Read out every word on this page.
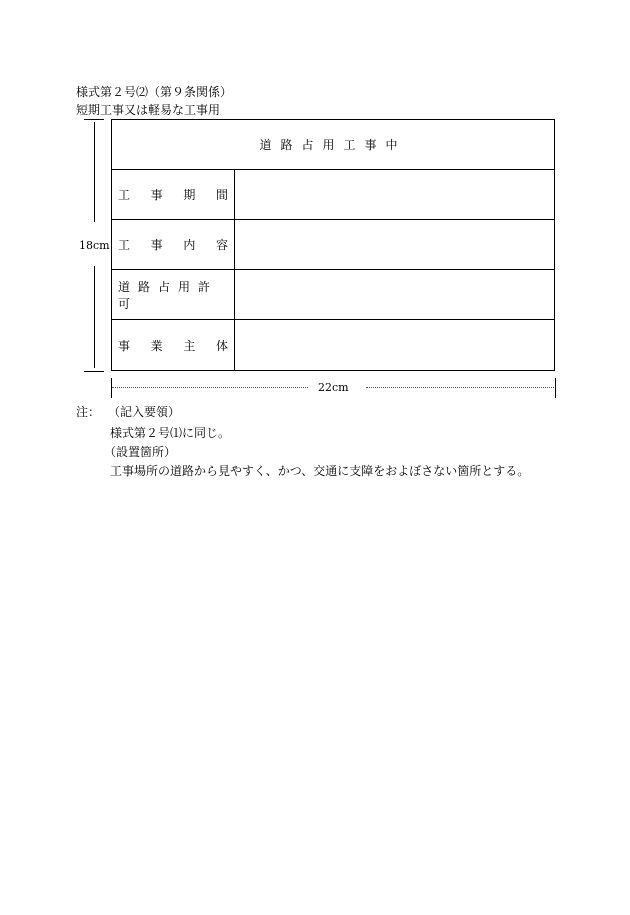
様式第２号⑵（第９条関係）
短期工事又は軽易な工事用
18cm
道路占用工事中
工 事 期 間
工 事 内 容
道路占用許可
事 業 主 体
22cm
注： （記入要領）
様式第２号⑴に同じ。
（設置箇所）
工事場所の道路から見やすく、かつ、交通に支障をおよぼさない箇所とする。
